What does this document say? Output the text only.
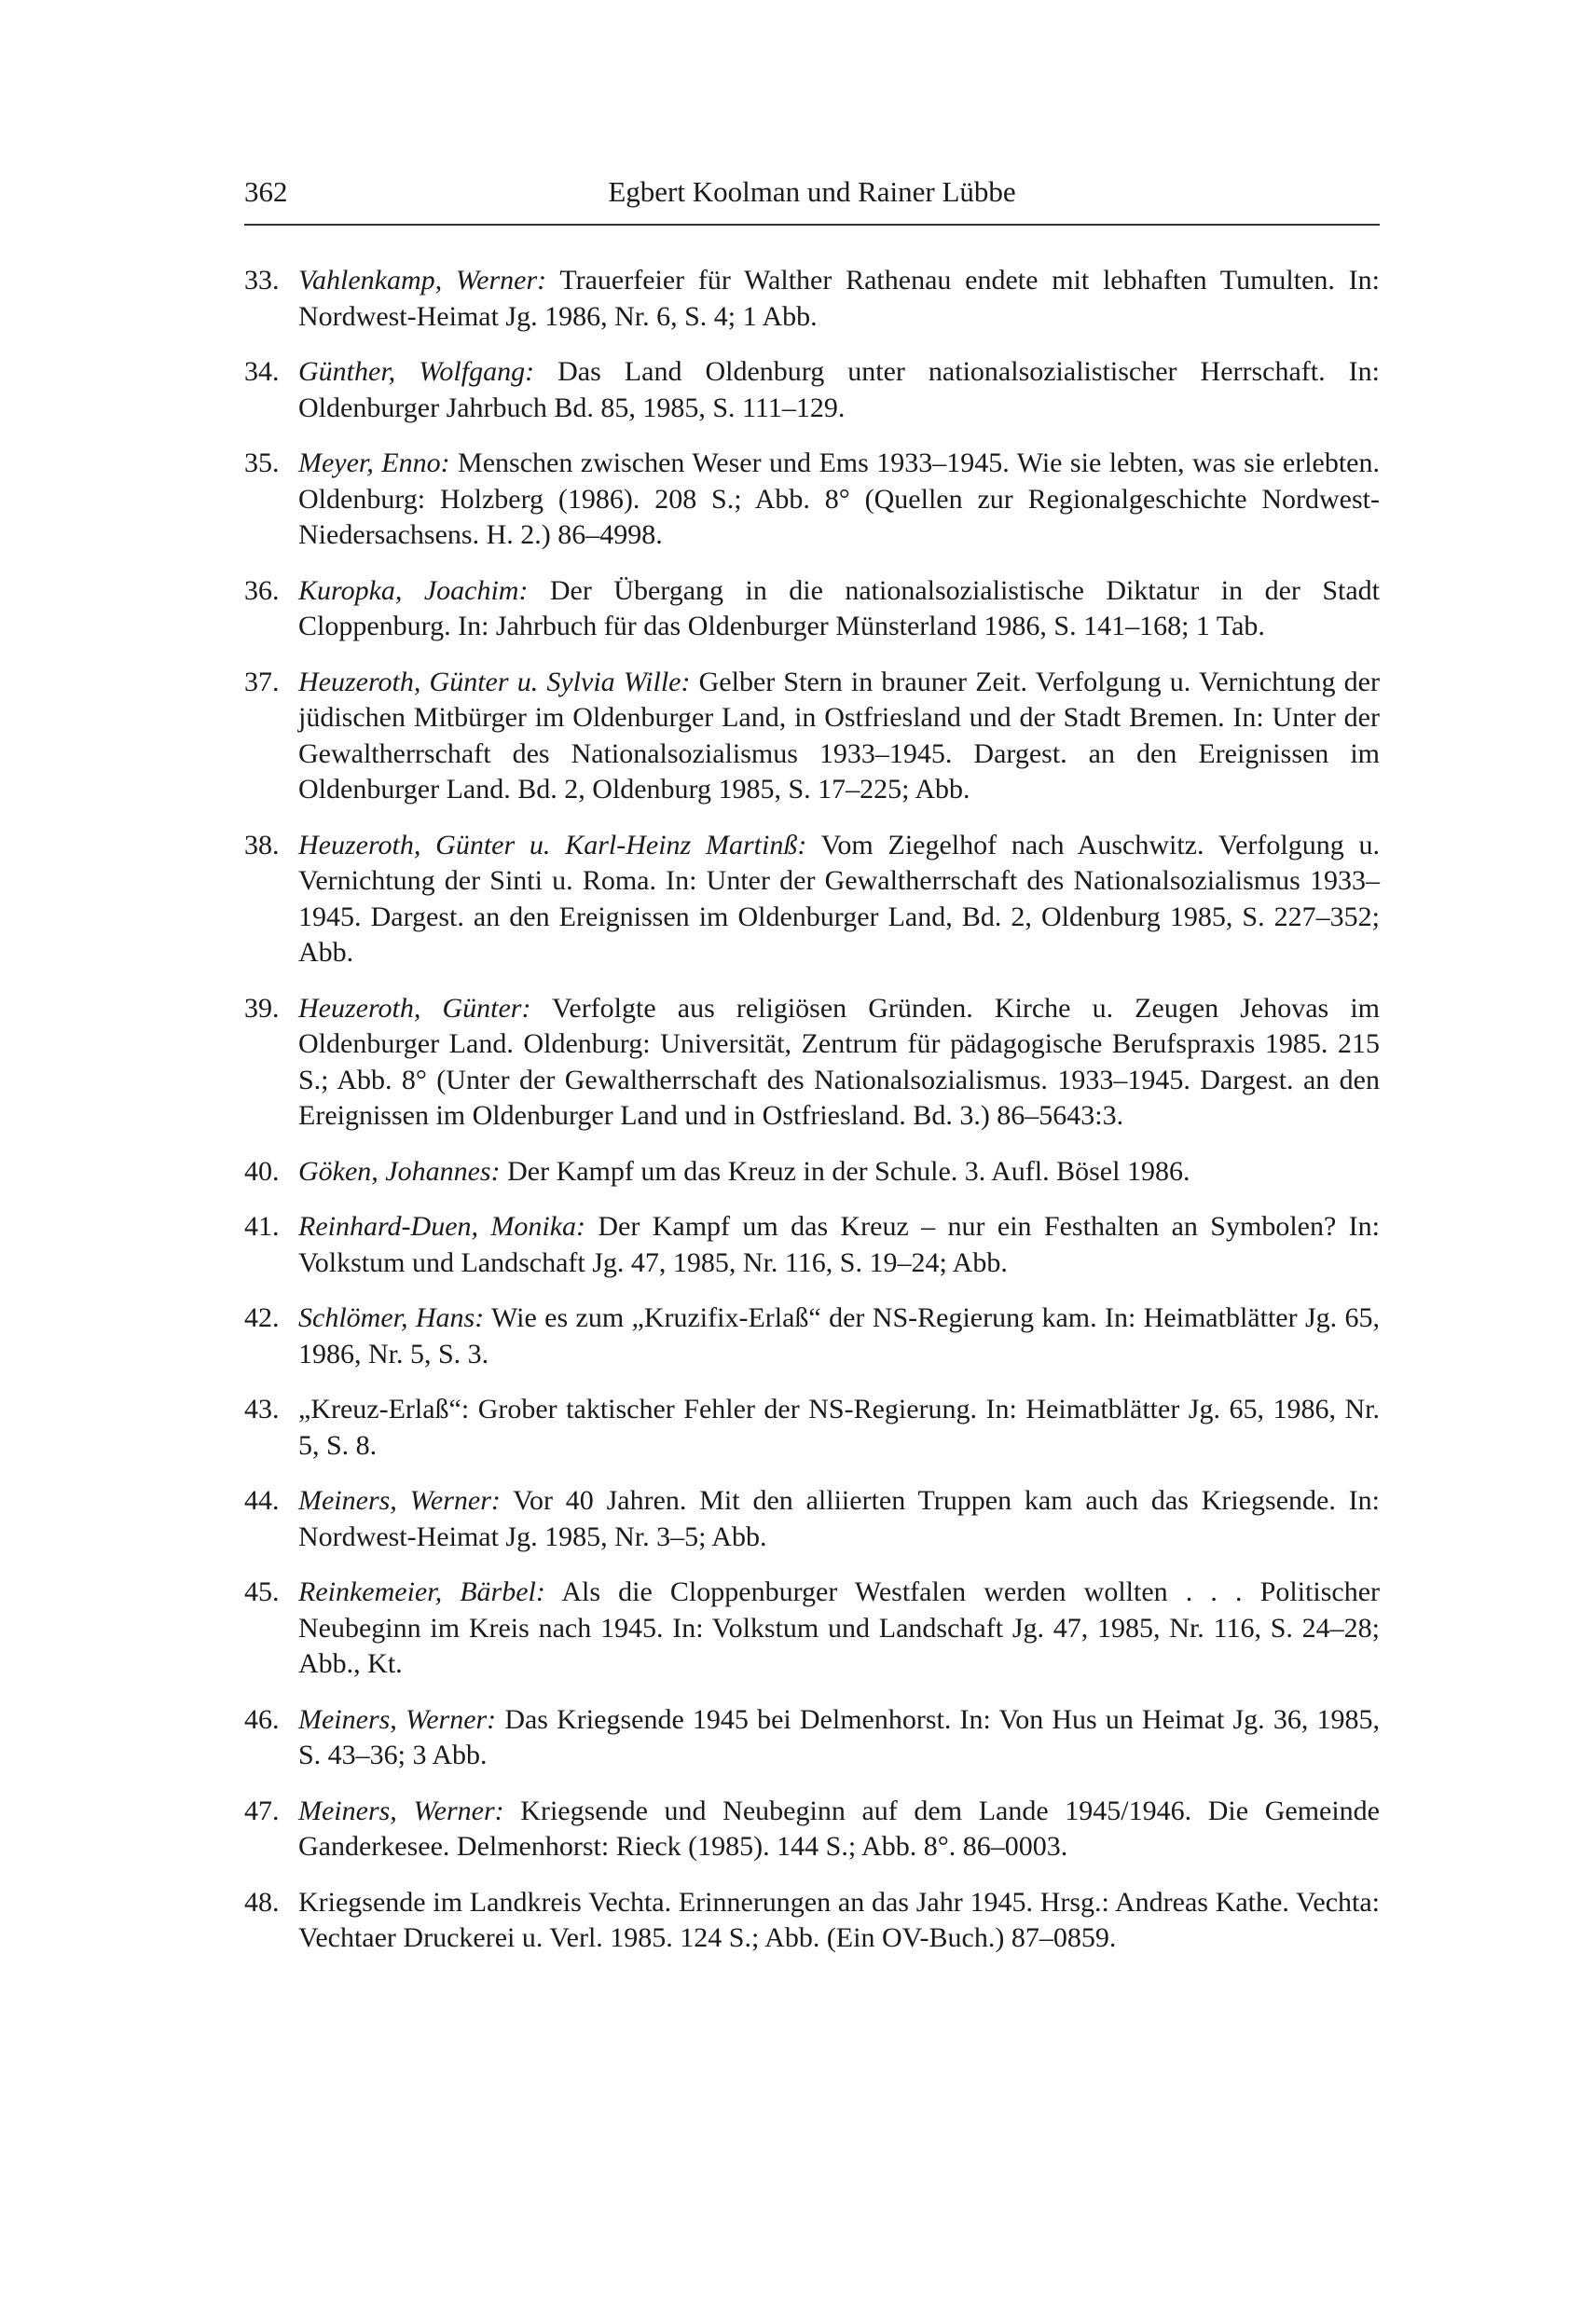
362	Egbert Koolman und Rainer Lübbe
33. Vahlenkamp, Werner: Trauerfeier für Walther Rathenau endete mit lebhaften Tumulten. In: Nordwest-Heimat Jg. 1986, Nr. 6, S. 4; 1 Abb.
34. Günther, Wolfgang: Das Land Oldenburg unter nationalsozialistischer Herrschaft. In: Oldenburger Jahrbuch Bd. 85, 1985, S. 111–129.
35. Meyer, Enno: Menschen zwischen Weser und Ems 1933–1945. Wie sie lebten, was sie erlebten. Oldenburg: Holzberg (1986). 208 S.; Abb. 8° (Quellen zur Regionalgeschichte Nordwest-Niedersachsens. H. 2.) 86–4998.
36. Kuropka, Joachim: Der Übergang in die nationalsozialistische Diktatur in der Stadt Cloppenburg. In: Jahrbuch für das Oldenburger Münsterland 1986, S. 141–168; 1 Tab.
37. Heuzeroth, Günter u. Sylvia Wille: Gelber Stern in brauner Zeit. Verfolgung u. Vernichtung der jüdischen Mitbürger im Oldenburger Land, in Ostfriesland und der Stadt Bremen. In: Unter der Gewaltherrschaft des Nationalsozialismus 1933–1945. Dargest. an den Ereignissen im Oldenburger Land. Bd. 2, Oldenburg 1985, S. 17–225; Abb.
38. Heuzeroth, Günter u. Karl-Heinz Martinß: Vom Ziegelhof nach Auschwitz. Verfolgung u. Vernichtung der Sinti u. Roma. In: Unter der Gewaltherrschaft des Nationalsozialismus 1933–1945. Dargest. an den Ereignissen im Oldenburger Land, Bd. 2, Oldenburg 1985, S. 227–352; Abb.
39. Heuzeroth, Günter: Verfolgte aus religiösen Gründen. Kirche u. Zeugen Jehovas im Oldenburger Land. Oldenburg: Universität, Zentrum für pädagogische Berufspraxis 1985. 215 S.; Abb. 8° (Unter der Gewaltherrschaft des Nationalsozialismus. 1933–1945. Dargest. an den Ereignissen im Oldenburger Land und in Ostfriesland. Bd. 3.) 86–5643:3.
40. Göken, Johannes: Der Kampf um das Kreuz in der Schule. 3. Aufl. Bösel 1986.
41. Reinhard-Duen, Monika: Der Kampf um das Kreuz – nur ein Festhalten an Symbolen? In: Volkstum und Landschaft Jg. 47, 1985, Nr. 116, S. 19–24; Abb.
42. Schlömer, Hans: Wie es zum „Kruzifix-Erlaß“ der NS-Regierung kam. In: Heimatblätter Jg. 65, 1986, Nr. 5, S. 3.
43. „Kreuz-Erlaß“: Grober taktischer Fehler der NS-Regierung. In: Heimatblätter Jg. 65, 1986, Nr. 5, S. 8.
44. Meiners, Werner: Vor 40 Jahren. Mit den alliierten Truppen kam auch das Kriegsende. In: Nordwest-Heimat Jg. 1985, Nr. 3–5; Abb.
45. Reinkemeier, Bärbel: Als die Cloppenburger Westfalen werden wollten . . . Politischer Neubeginn im Kreis nach 1945. In: Volkstum und Landschaft Jg. 47, 1985, Nr. 116, S. 24–28; Abb., Kt.
46. Meiners, Werner: Das Kriegsende 1945 bei Delmenhorst. In: Von Hus un Heimat Jg. 36, 1985, S. 43–36; 3 Abb.
47. Meiners, Werner: Kriegsende und Neubeginn auf dem Lande 1945/1946. Die Gemeinde Ganderkesee. Delmenhorst: Rieck (1985). 144 S.; Abb. 8°. 86–0003.
48. Kriegsende im Landkreis Vechta. Erinnerungen an das Jahr 1945. Hrsg.: Andreas Kathe. Vechta: Vechtaer Druckerei u. Verl. 1985. 124 S.; Abb. (Ein OV-Buch.) 87–0859.
